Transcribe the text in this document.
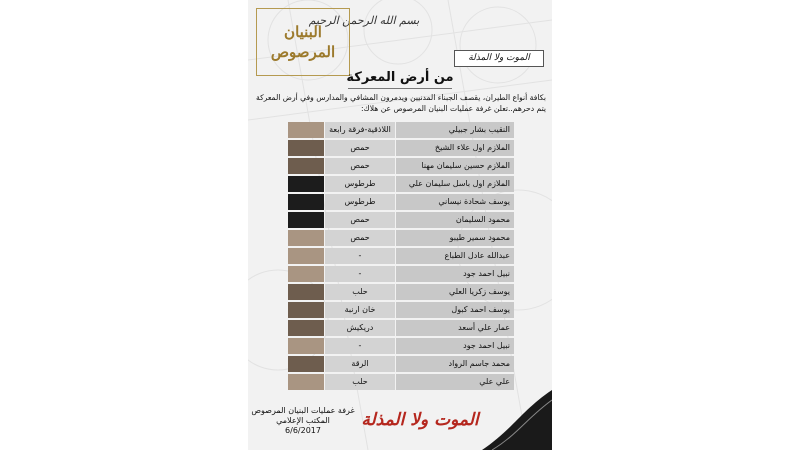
بسم الله الرحمن الرحيم
البنيان
المرصوص	الموت ولا المذلة
من أرض المعركة
بكافة أنواع الطيران، يقصف الجبناء المدنيين ويدمرون المشافي والمدارس وفي أرض المعركة يتم دحرهم..تعلن غرفة عمليات البنيان المرصوص عن هلاك:
النقيب بشار جبيلي
اللاذقية-فرقة رابعة
الملازم اول علاء الشيخ
حمص
الملازم حسين سليمان مهنا
حمص
الملازم اول باسل سليمان علي
طرطوس
يوسف شحادة نيساني
طرطوس
محمود السليمان
حمص
محمود سمير طيبو
حمص
عبدالله عادل الطباع
-
نبيل احمد جود
-
يوسف زكريا العلي
حلب
يوسف احمد كبول
خان ارنبة
عمار علي أسعد
دريكيش
نبيل احمد جود
-
محمد جاسم الرواد
الرقة
علي علي
حلب
غرفة عمليات البنيان المرصوص
المكتب الإعلامي
6/6/2017
الموت ولا المذلة
